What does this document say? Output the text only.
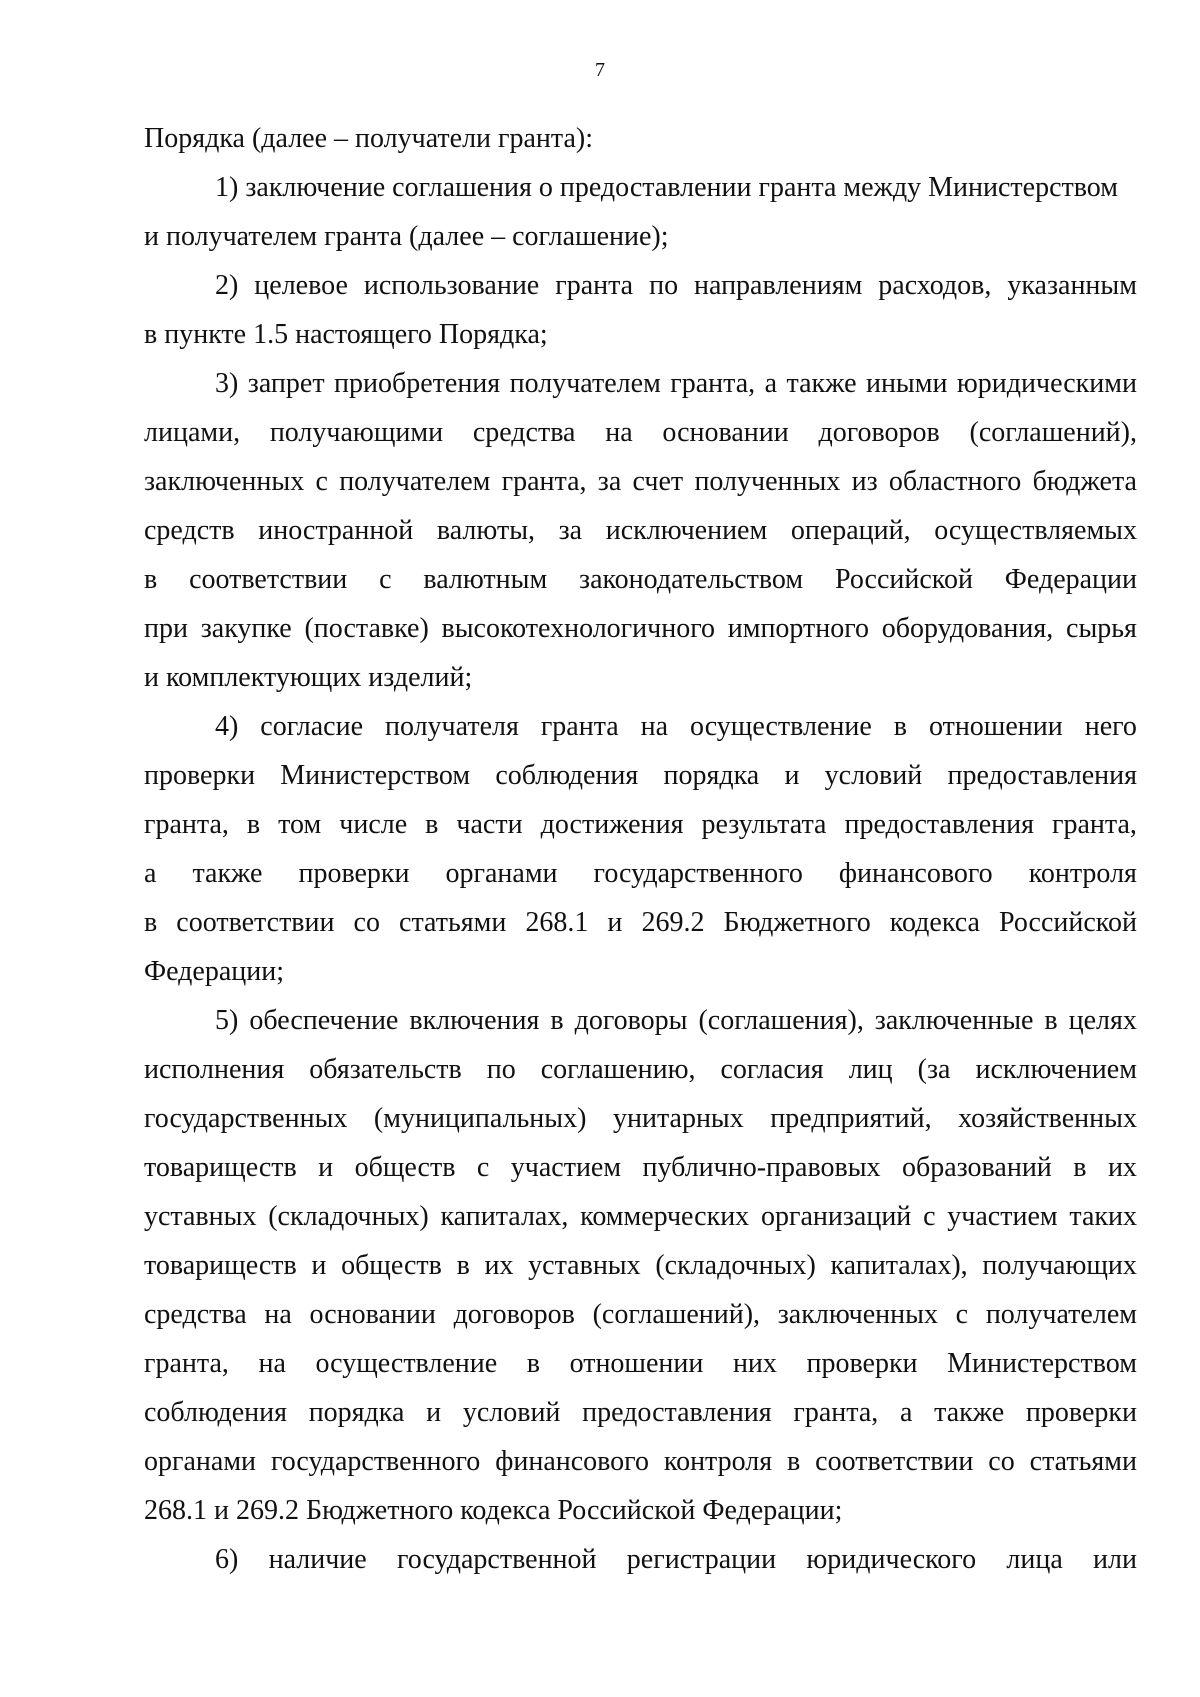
7
Порядка (далее – получатели гранта):
1) заключение соглашения о предоставлении гранта между Министерством
и получателем гранта (далее – соглашение);
2) целевое использование гранта по направлениям расходов, указанным
в пункте 1.5 настоящего Порядка;
3) запрет приобретения получателем гранта, а также иными юридическими
лицами, получающими средства на основании договоров (соглашений),
заключенных с получателем гранта, за счет полученных из областного бюджета
средств иностранной валюты, за исключением операций, осуществляемых
в соответствии с валютным законодательством Российской Федерации
при закупке (поставке) высокотехнологичного импортного оборудования, сырья
и комплектующих изделий;
4) согласие получателя гранта на осуществление в отношении него
проверки Министерством соблюдения порядка и условий предоставления
гранта, в том числе в части достижения результата предоставления гранта,
а также проверки органами государственного финансового контроля
в соответствии со статьями 268.1 и 269.2 Бюджетного кодекса Российской
Федерации;
5) обеспечение включения в договоры (соглашения), заключенные в целях
исполнения обязательств по соглашению, согласия лиц (за исключением
государственных (муниципальных) унитарных предприятий, хозяйственных
товариществ и обществ с участием публично-правовых образований в их
уставных (складочных) капиталах, коммерческих организаций с участием таких
товариществ и обществ в их уставных (складочных) капиталах), получающих
средства на основании договоров (соглашений), заключенных с получателем
гранта, на осуществление в отношении них проверки Министерством
соблюдения порядка и условий предоставления гранта, а также проверки
органами государственного финансового контроля в соответствии со статьями
268.1 и 269.2 Бюджетного кодекса Российской Федерации;
6) наличие государственной регистрации юридического лица или
